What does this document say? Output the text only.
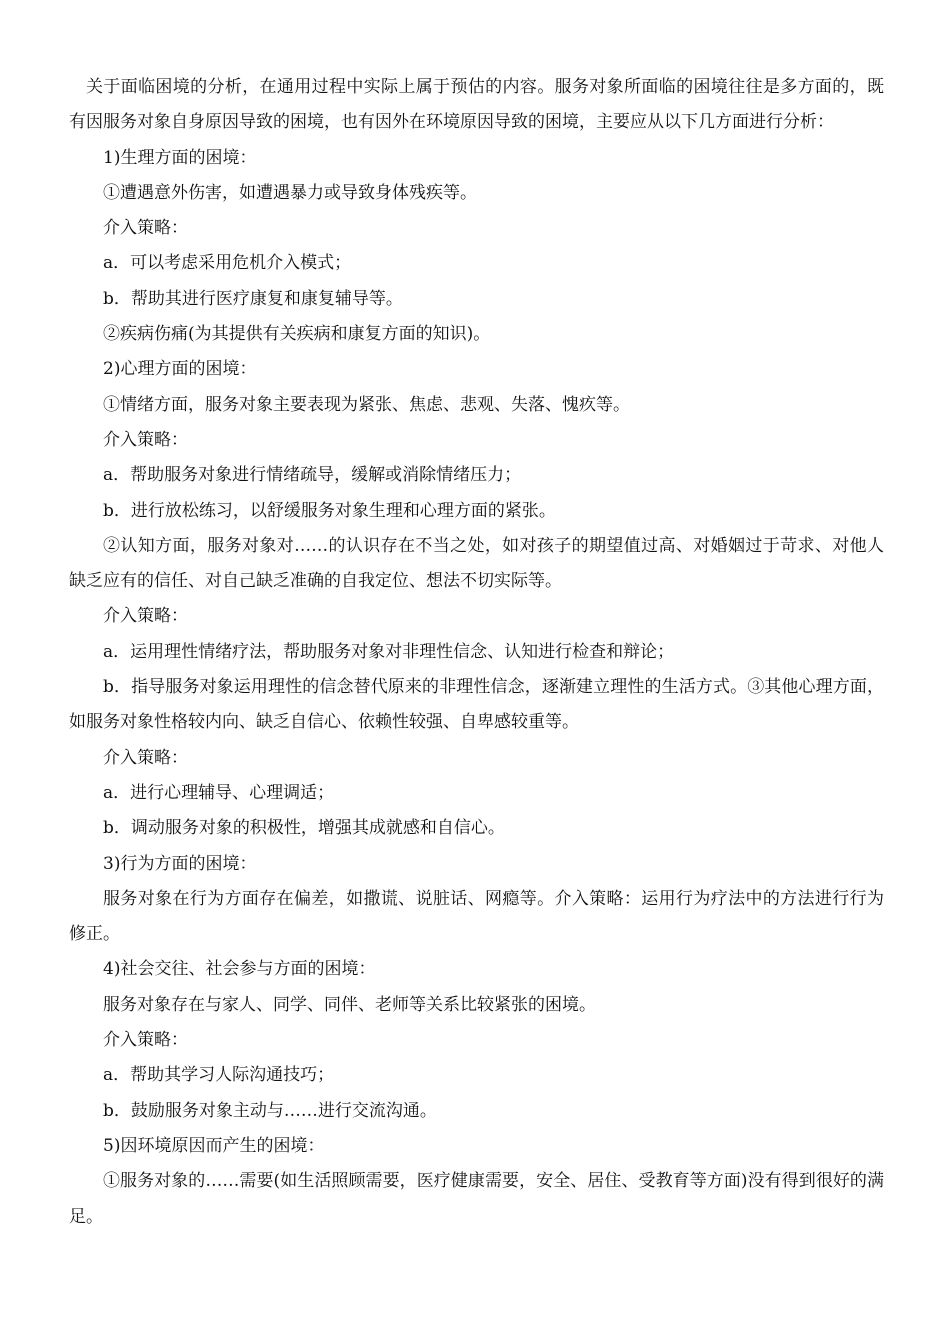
关于面临困境的分析，在通用过程中实际上属于预估的内容。服务对象所面临的困境往往是多方面的，既有因服务对象自身原因导致的困境，也有因外在环境原因导致的困境，主要应从以下几方面进行分析：

1)生理方面的困境：

①遭遇意外伤害，如遭遇暴力或导致身体残疾等。

介入策略：

a．可以考虑采用危机介入模式；

b．帮助其进行医疗康复和康复辅导等。

②疾病伤痛(为其提供有关疾病和康复方面的知识)。

2)心理方面的困境：

①情绪方面，服务对象主要表现为紧张、焦虑、悲观、失落、愧疚等。

介入策略：

a．帮助服务对象进行情绪疏导，缓解或消除情绪压力；

b．进行放松练习，以舒缓服务对象生理和心理方面的紧张。

②认知方面，服务对象对……的认识存在不当之处，如对孩子的期望值过高、对婚姻过于苛求、对他人缺乏应有的信任、对自己缺乏准确的自我定位、想法不切实际等。

介入策略：

a．运用理性情绪疗法，帮助服务对象对非理性信念、认知进行检查和辩论；

b．指导服务对象运用理性的信念替代原来的非理性信念，逐渐建立理性的生活方式。③其他心理方面，如服务对象性格较内向、缺乏自信心、依赖性较强、自卑感较重等。

介入策略：

a．进行心理辅导、心理调适；

b．调动服务对象的积极性，增强其成就感和自信心。

3)行为方面的困境：

服务对象在行为方面存在偏差，如撒谎、说脏话、网瘾等。介入策略：运用行为疗法中的方法进行行为修正。

4)社会交往、社会参与方面的困境：

服务对象存在与家人、同学、同伴、老师等关系比较紧张的困境。

介入策略：

a．帮助其学习人际沟通技巧；

b．鼓励服务对象主动与……进行交流沟通。

5)因环境原因而产生的困境：

①服务对象的……需要(如生活照顾需要，医疗健康需要，安全、居住、受教育等方面)没有得到很好的满足。
